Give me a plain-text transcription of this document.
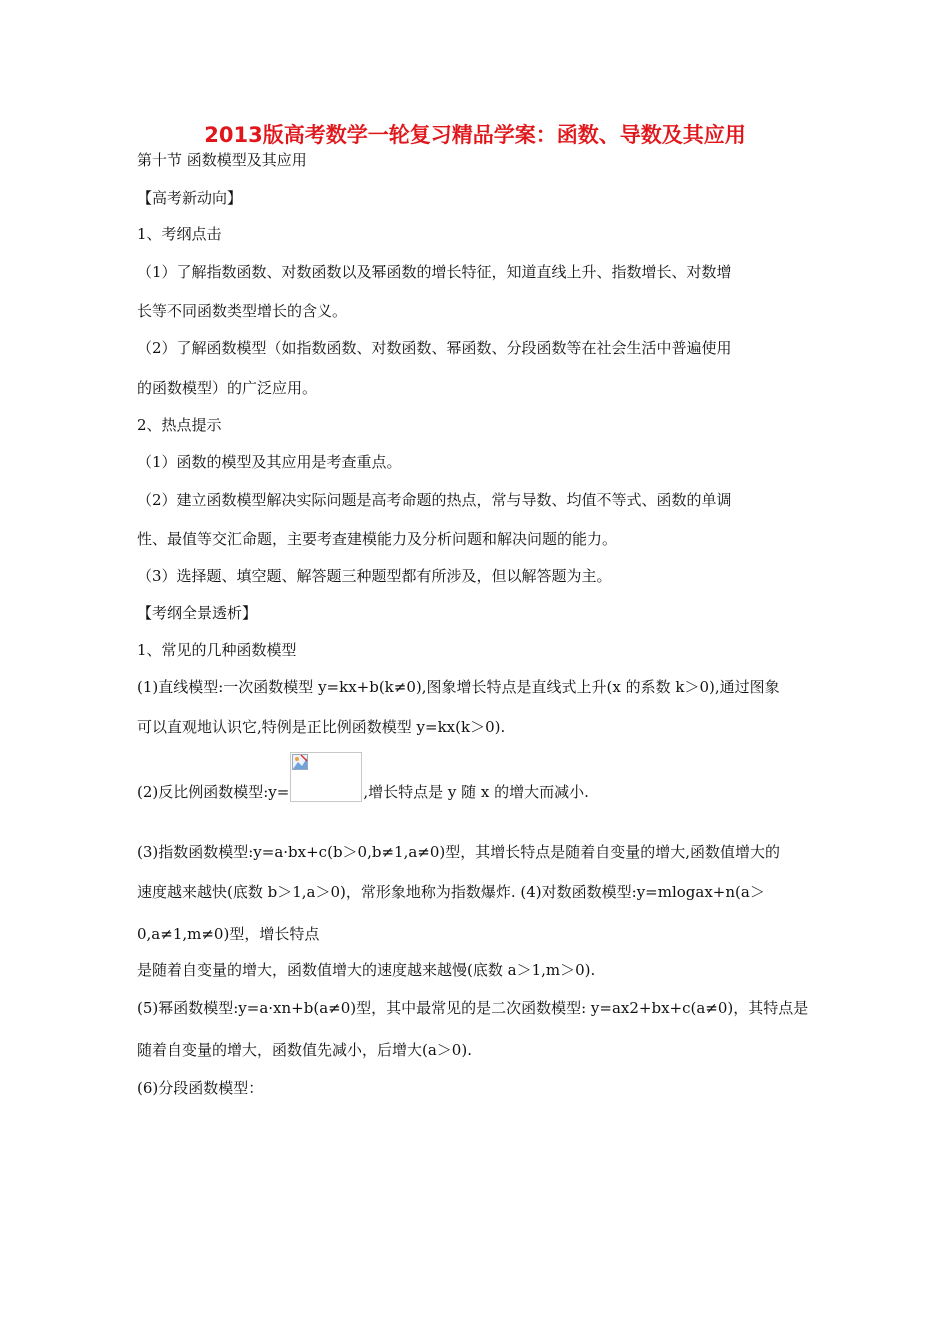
2013版高考数学一轮复习精品学案：函数、导数及其应用
第十节 函数模型及其应用
【高考新动向】
1、考纲点击
（1）了解指数函数、对数函数以及幂函数的增长特征，知道直线上升、指数增长、对数增
长等不同函数类型增长的含义。
（2）了解函数模型（如指数函数、对数函数、幂函数、分段函数等在社会生活中普遍使用
的函数模型）的广泛应用。
2、热点提示
（1）函数的模型及其应用是考查重点。
（2）建立函数模型解决实际问题是高考命题的热点，常与导数、均值不等式、函数的单调
性、最值等交汇命题，主要考查建模能力及分析问题和解决问题的能力。
（3）选择题、填空题、解答题三种题型都有所涉及，但以解答题为主。
【考纲全景透析】
1、常见的几种函数模型
(1)直线模型:一次函数模型 y=kx+b(k≠0),图象增长特点是直线式上升(x 的系数 k＞0),通过图象
可以直观地认识它,特例是正比例函数模型 y=kx(k＞0).
(2)反比例函数模型:y=	,增长特点是 y 随 x 的增大而减小.
(3)指数函数模型:y=a·bx+c(b＞0,b≠1,a≠0)型，其增长特点是随着自变量的增大,函数值增大的
速度越来越快(底数 b＞1,a＞0)，常形象地称为指数爆炸. (4)对数函数模型:y=mlogax+n(a＞
0,a≠1,m≠0)型，增长特点
是随着自变量的增大，函数值增大的速度越来越慢(底数 a＞1,m＞0).
(5)幂函数模型:y=a·xn+b(a≠0)型，其中最常见的是二次函数模型: y=ax2+bx+c(a≠0)，其特点是
随着自变量的增大，函数值先减小，后增大(a＞0).
(6)分段函数模型：
